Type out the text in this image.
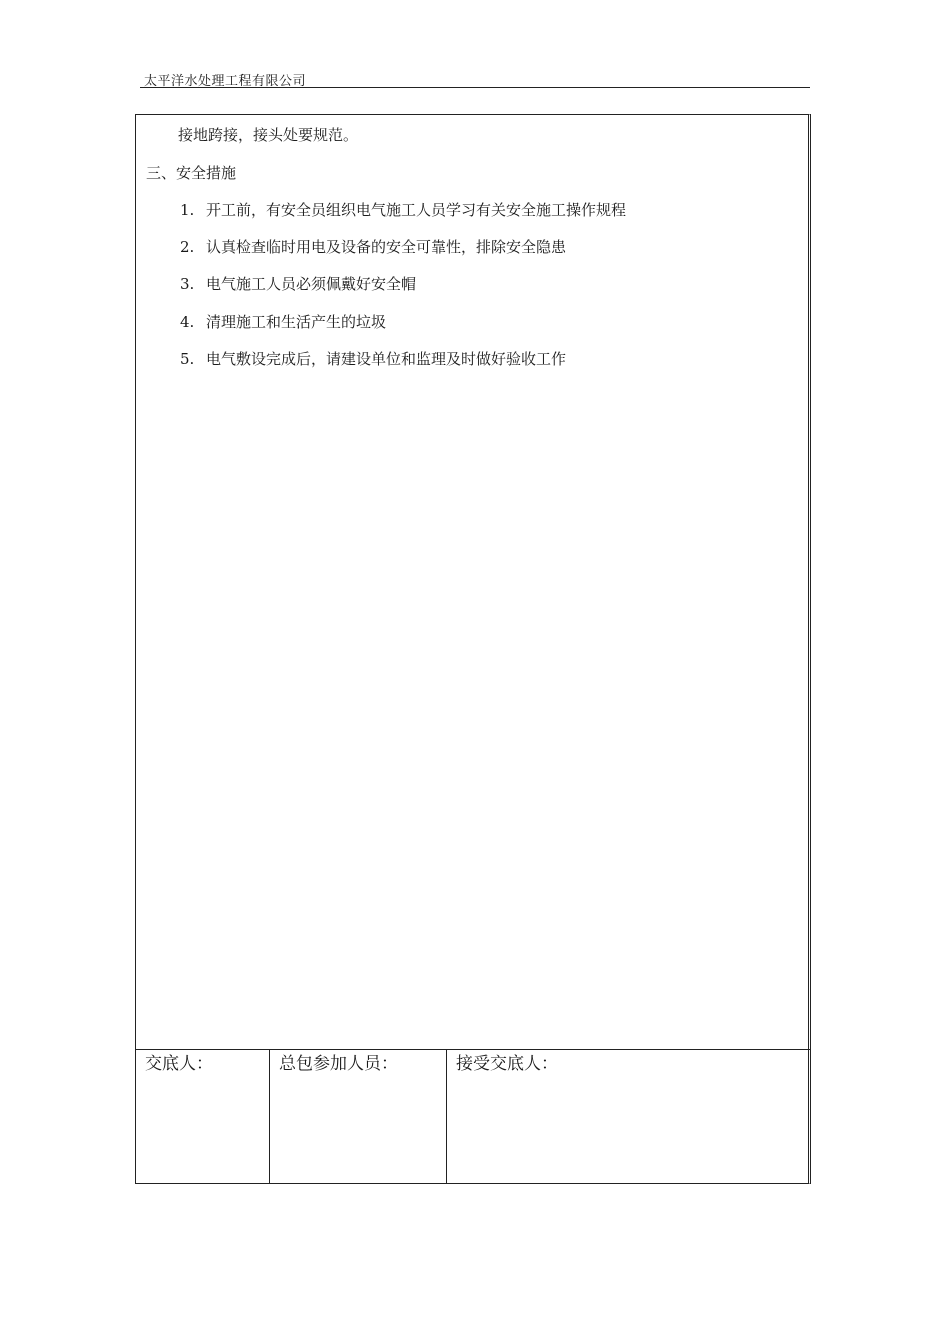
太平洋水处理工程有限公司
接地跨接，接头处要规范。
三、安全措施
1. 开工前，有安全员组织电气施工人员学习有关安全施工操作规程
2. 认真检查临时用电及设备的安全可靠性，排除安全隐患
3. 电气施工人员必须佩戴好安全帽
4. 清理施工和生活产生的垃圾
5. 电气敷设完成后，请建设单位和监理及时做好验收工作
交底人：	总包参加人员：	接受交底人：
